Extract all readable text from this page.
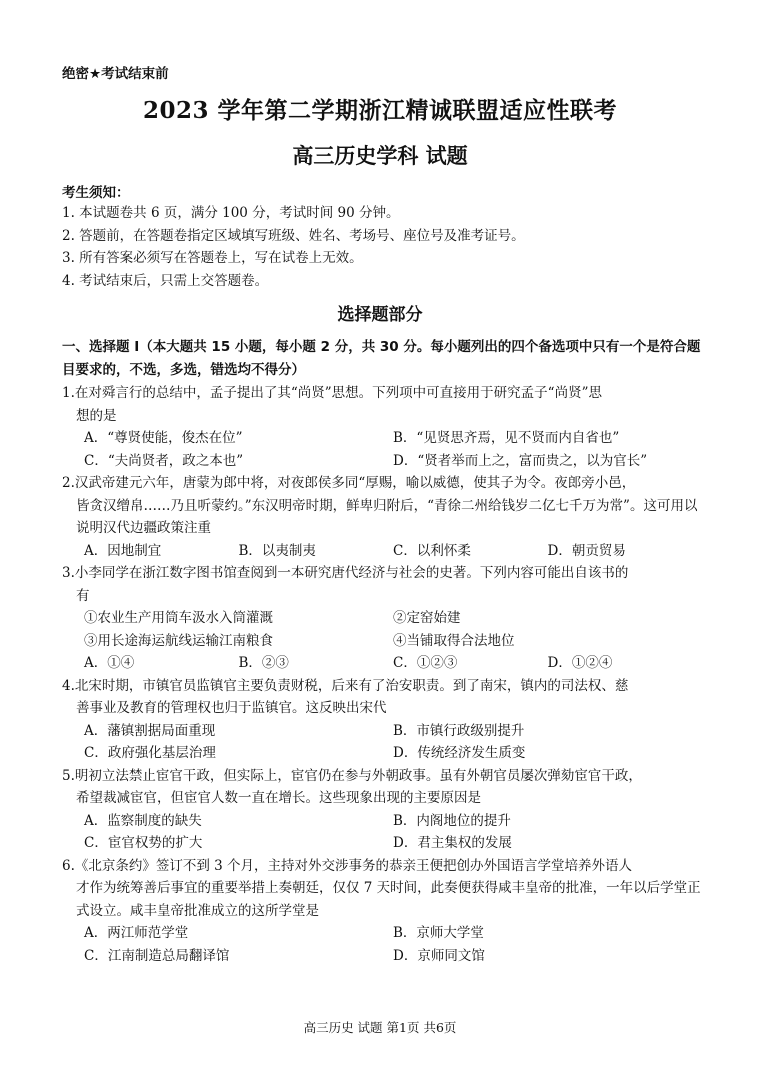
绝密★考试结束前
2023 学年第二学期浙江精诚联盟适应性联考
高三历史学科 试题
考生须知：
1. 本试题卷共 6 页，满分 100 分，考试时间 90 分钟。
2. 答题前，在答题卷指定区域填写班级、姓名、考场号、座位号及准考证号。
3. 所有答案必须写在答题卷上，写在试卷上无效。
4. 考试结束后，只需上交答题卷。
选择题部分
一、选择题 I（本大题共 15 小题，每小题 2 分，共 30 分。每小题列出的四个备选项中只有一个是符合题目要求的，不选，多选，错选均不得分）
1.在对舜言行的总结中，孟子提出了其“尚贤”思想。下列项中可直接用于研究孟子“尚贤”思
想的是
A．“尊贤使能，俊杰在位”	B．“见贤思齐焉，见不贤而内自省也”
C．“夫尚贤者，政之本也”	D．“贤者举而上之，富而贵之，以为官长”
2.汉武帝建元六年，唐蒙为郎中将，对夜郎侯多同“厚赐，喻以威德，使其子为令。夜郎旁小邑，
皆贪汉缯帛……乃且听蒙约。”东汉明帝时期，鲜卑归附后，“青徐二州给钱岁二亿七千万为常”。这可用以说明汉代边疆政策注重
A．因地制宜	B．以夷制夷	C．以利怀柔	D．朝贡贸易
3.小李同学在浙江数字图书馆查阅到一本研究唐代经济与社会的史著。下列内容可能出自该书的
有
①农业生产用筒车汲水入筒灌溉	②定窑始建
③用长途海运航线运输江南粮食	④当铺取得合法地位
A．①④	B．②③	C．①②③	D．①②④
4.北宋时期，市镇官员监镇官主要负责财税，后来有了治安职责。到了南宋，镇内的司法权、慈
善事业及教育的管理权也归于监镇官。这反映出宋代
A．藩镇割据局面重现	B．市镇行政级别提升
C．政府强化基层治理	D．传统经济发生质变
5.明初立法禁止宦官干政，但实际上，宦官仍在参与外朝政事。虽有外朝官员屡次弹劾宦官干政，
希望裁减宦官，但宦官人数一直在增长。这些现象出现的主要原因是
A．监察制度的缺失	B．内阁地位的提升
C．宦官权势的扩大	D．君主集权的发展
6.《北京条约》签订不到 3 个月，主持对外交涉事务的恭亲王便把创办外国语言学堂培养外语人
才作为统筹善后事宜的重要举措上奏朝廷，仅仅 7 天时间，此奏便获得咸丰皇帝的批准，一年以后学堂正式设立。咸丰皇帝批准成立的这所学堂是
A．两江师范学堂	B．京师大学堂
C．江南制造总局翻译馆	D．京师同文馆
高三历史 试题 第1页 共6页
